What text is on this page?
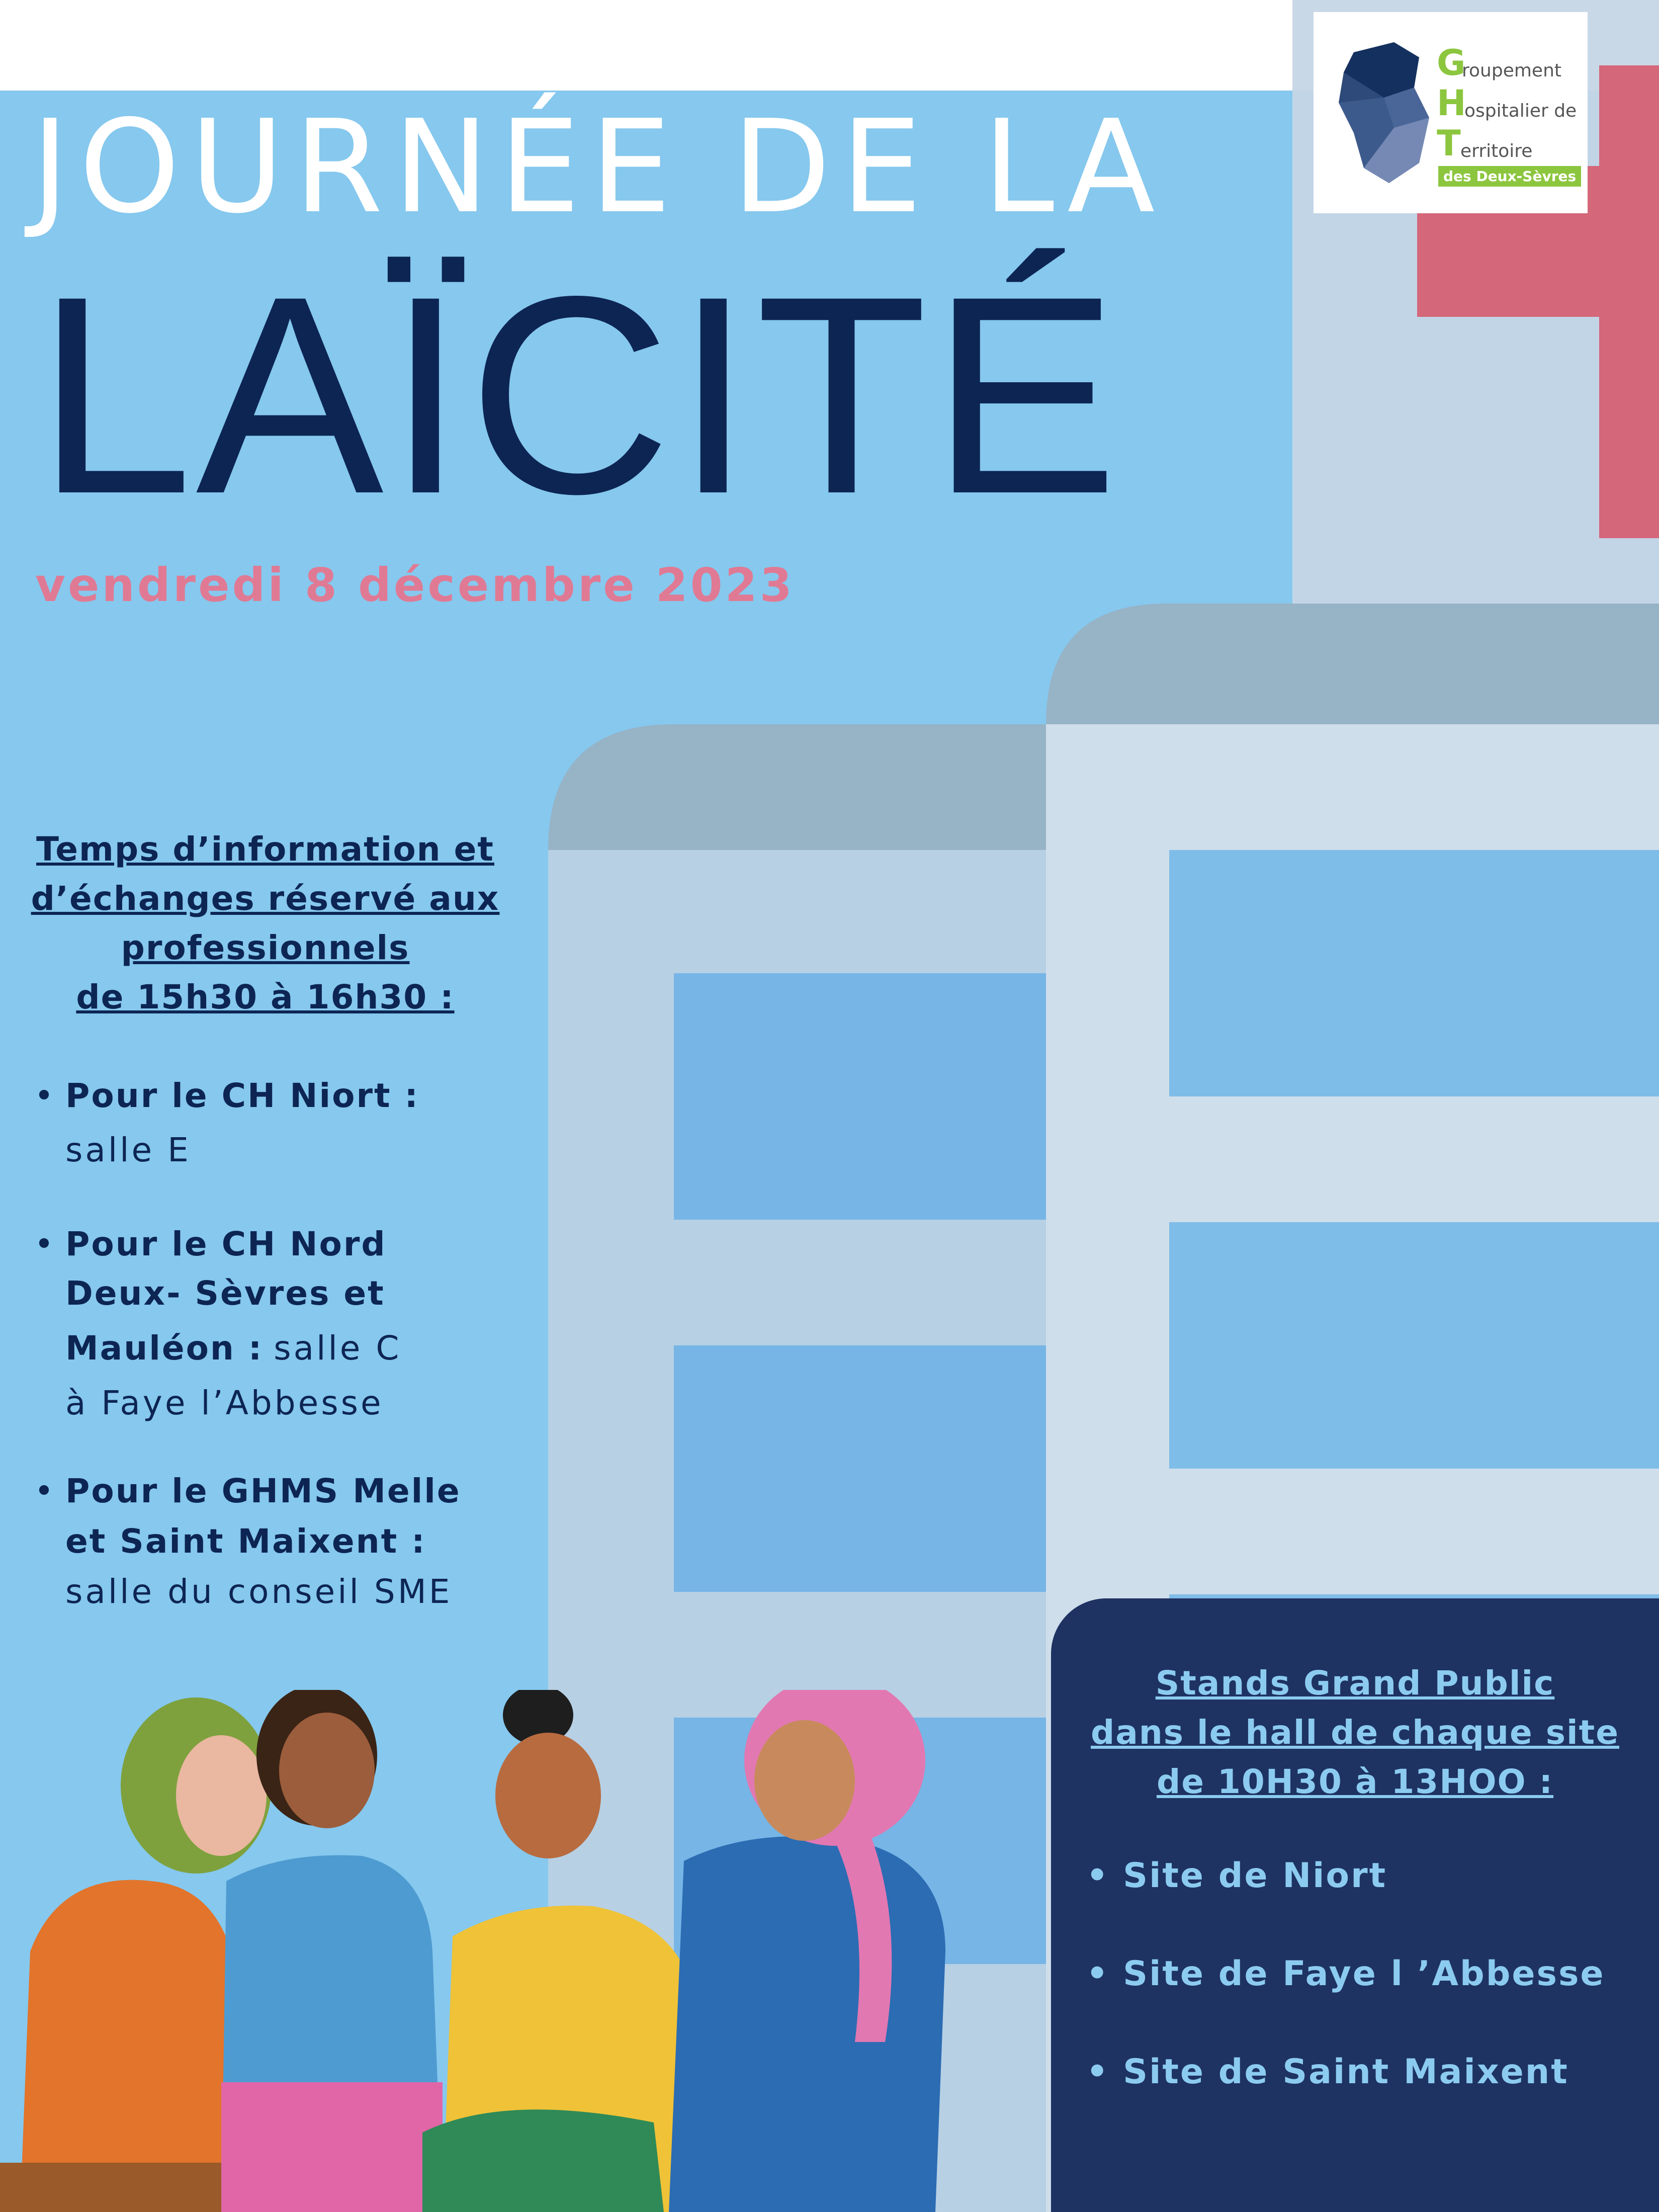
G
roupement
H
ospitalier de
T erritoire
des Deux-Sèvres
JOURNÉE DE LA
LAÏCITÉ
vendredi 8 décembre 2023
Temps d’information et
d’échanges réservé aux
professionnels
de 15h30 à 16h30 :
• Pour le CH Niort :
salle E
• Pour le CH Nord
Deux- Sèvres et
Mauléon : salle C
à Faye l’Abbesse
• Pour le GHMS Melle
et Saint Maixent :
salle du conseil SME
Stands Grand Public
dans le hall de chaque site
de 10H30 à 13HOO :
• Site de Niort
• Site de Faye l ’Abbesse
• Site de Saint Maixent
